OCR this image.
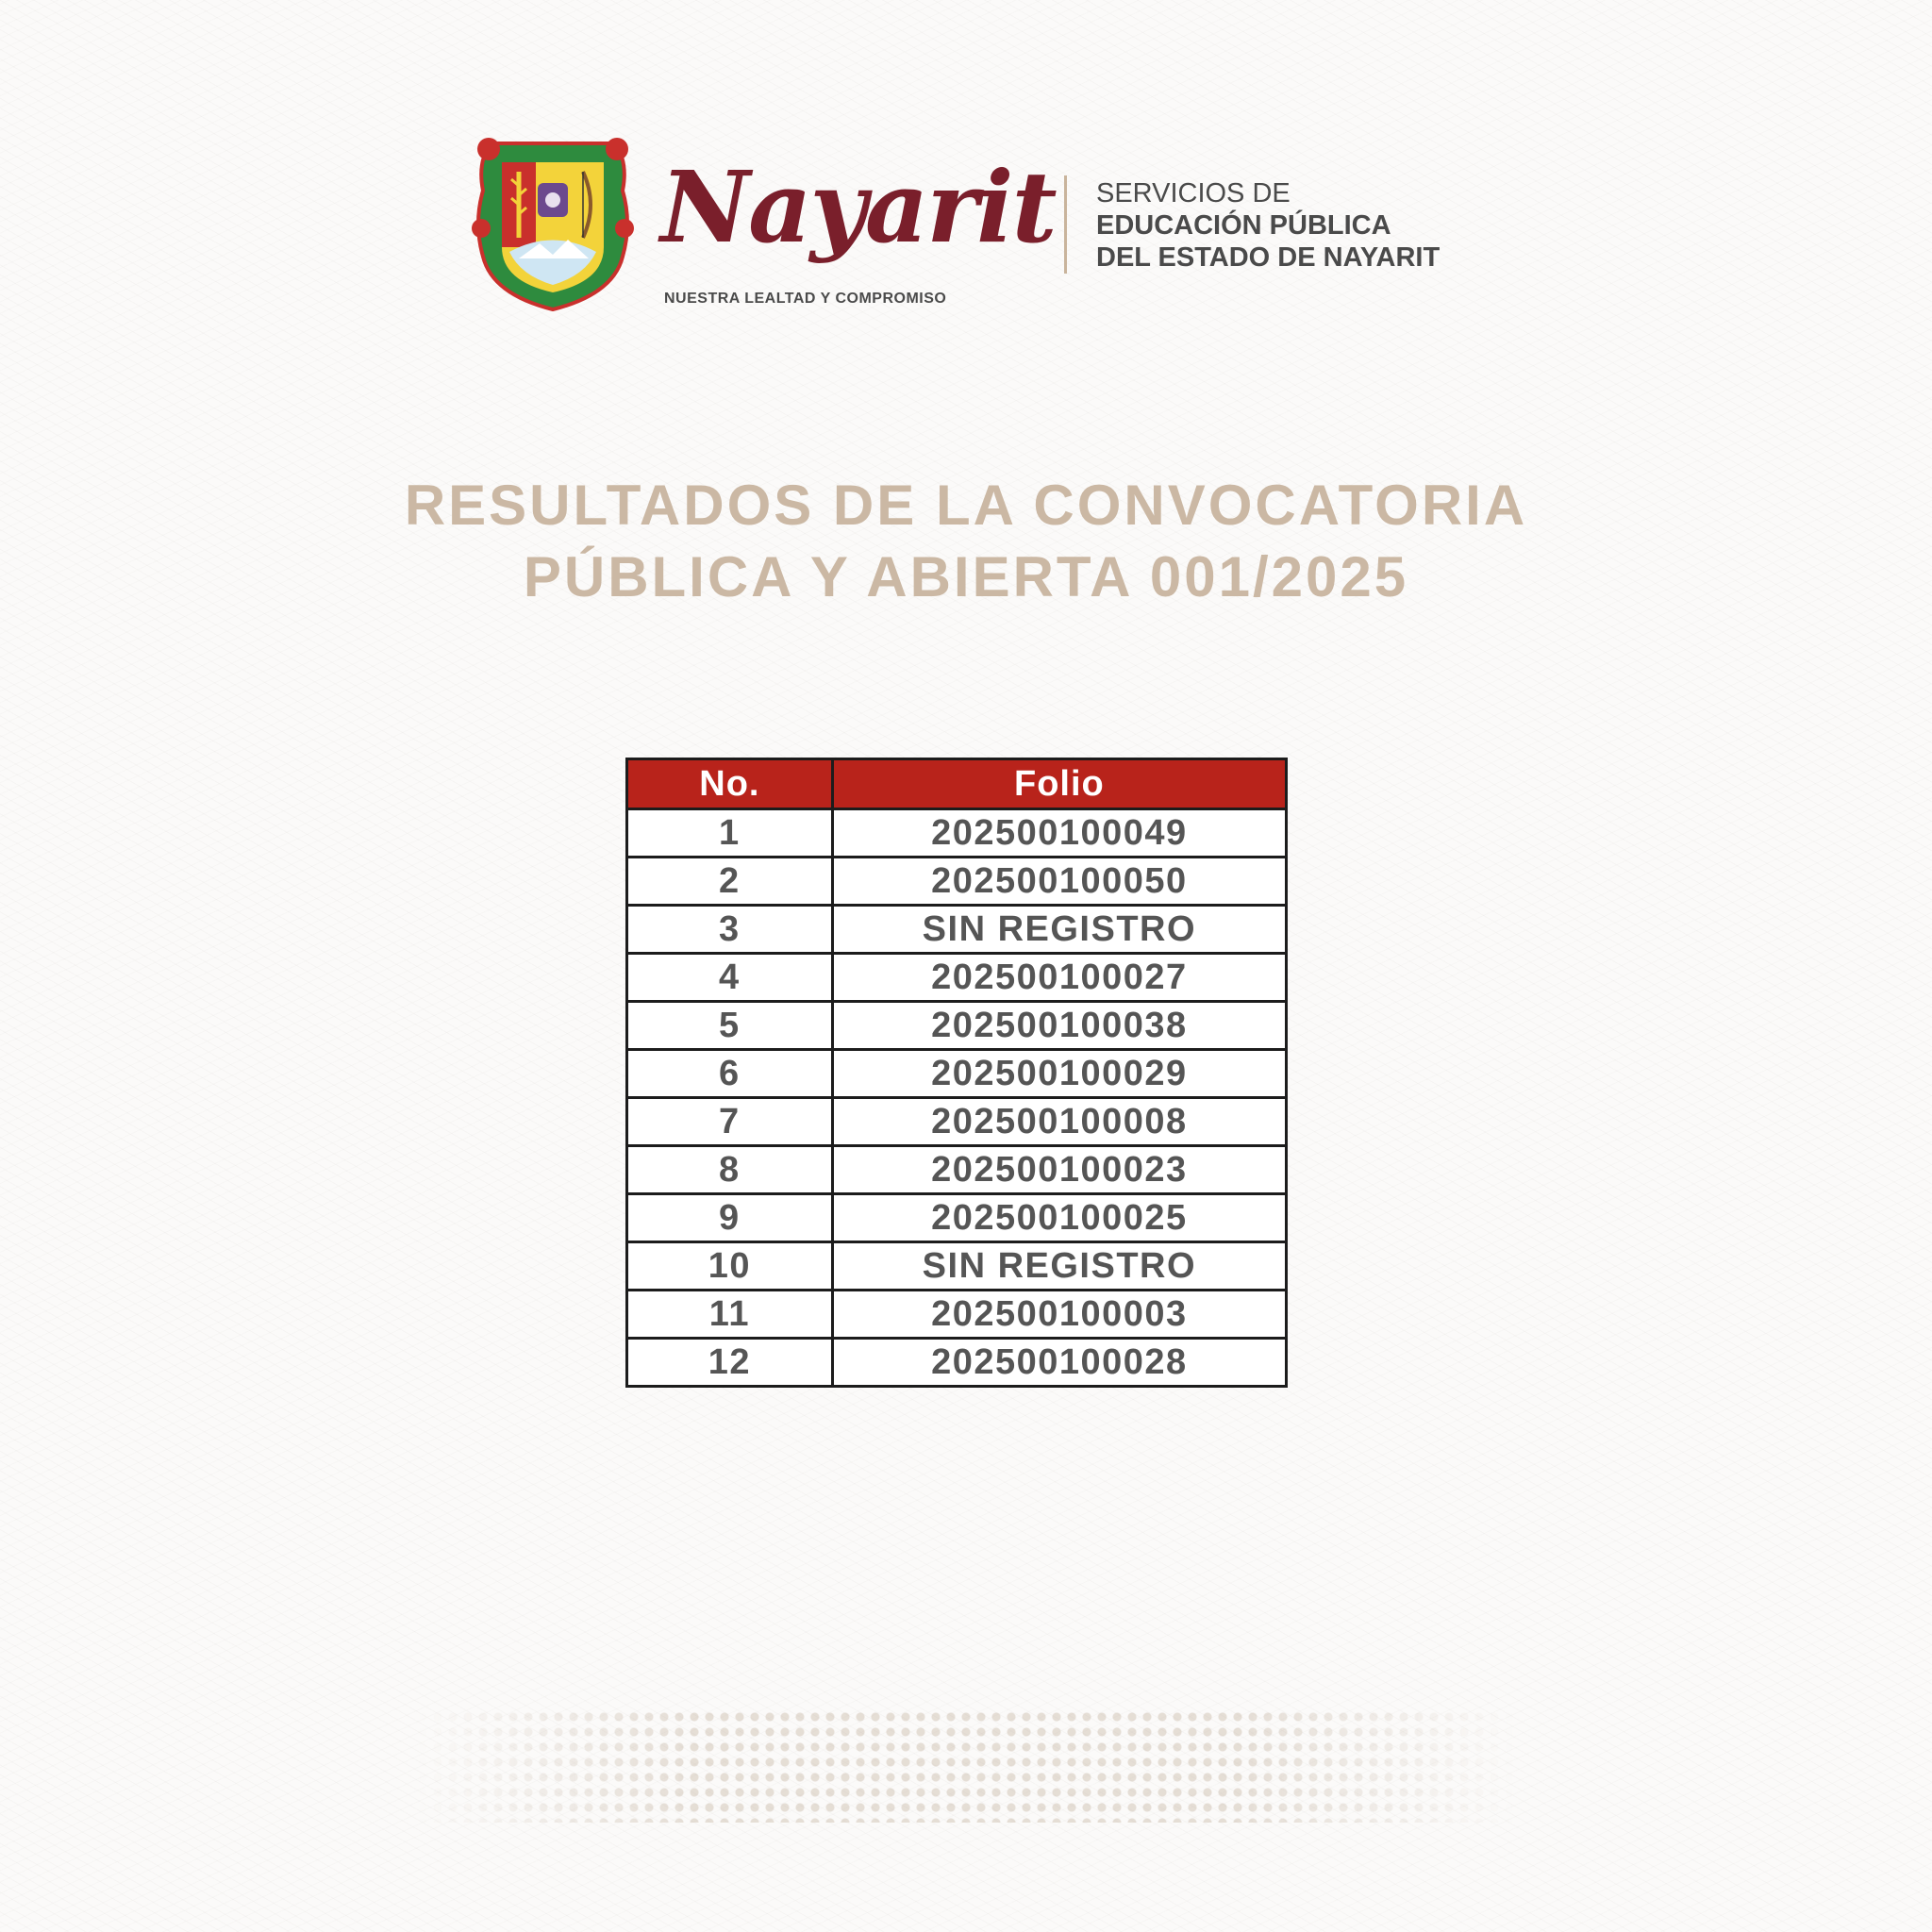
Nayarit
NUESTRA LEALTAD Y COMPROMISO
SERVICIOS DE
EDUCACIÓN PÚBLICA
DEL ESTADO DE NAYARIT
RESULTADOS DE LA CONVOCATORIA
PÚBLICA Y ABIERTA 001/2025
No.	Folio
1	202500100049
2	202500100050
3	SIN REGISTRO
4	202500100027
5	202500100038
6	202500100029
7	202500100008
8	202500100023
9	202500100025
10	SIN REGISTRO
11	202500100003
12	202500100028
